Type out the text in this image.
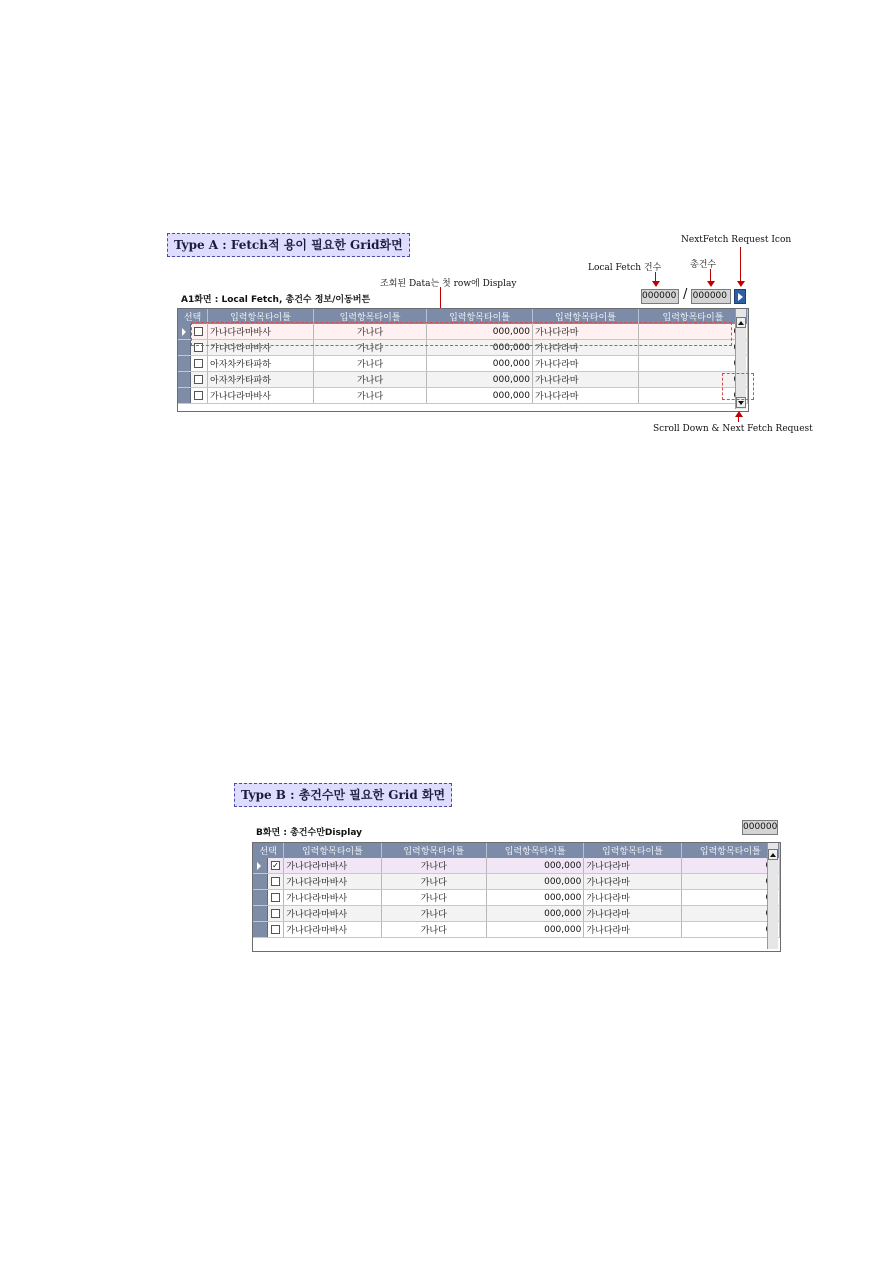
Type A : Fetch적 용이 필요한 Grid화면	NextFetch Request Icon
Local Fetch 건수	총건수
조회된 Data는 첫 row에 Display
A1화면 : Local Fetch, 총건수 정보/이동버튼	000000 / 000000
선택		입력항목타이틀	입력항목타이틀	입력항목타이틀	입력항목타이틀	입력항목타이틀
		가나다라마바사	가나다	000,000	가나다라마	
		가나다라마바사	가나다	000,000	가나다라마	
		아자차카타파하	가나다	000,000	가나다라마	
		아자차카타파하	가나다	000,000	가나다라마	
		가나다라마바사	가나다	000,000	가나다라마	
Scroll Down & Next Fetch Request
Type B : 총건수만 필요한 Grid 화면
B화면 : 총건수만Display
000000
선택		입력항목타이틀	입력항목타이틀	입력항목타이틀	입력항목타이틀	입력항목타이틀
	✓	가나다라마바사	가나다	000,000	가나다라마	
		가나다라마바사	가나다	000,000	가나다라마	
		가나다라마바사	가나다	000,000	가나다라마	
		가나다라마바사	가나다	000,000	가나다라마	
		가나다라마바사	가나다	000,000	가나다라마	
